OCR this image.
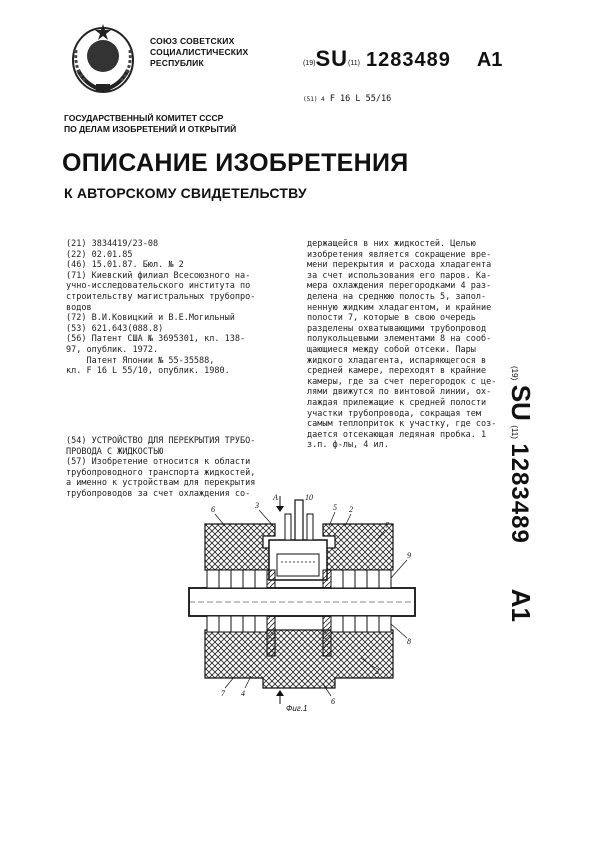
СОЮЗ СОВЕТСКИХ
СОЦИАЛИСТИЧЕСКИХ
РЕСПУБЛИК	(19)SU(11) 1283489 A1
(51) 4 F 16 L 55/16
ГОСУДАРСТВЕННЫЙ КОМИТЕТ СССР
ПО ДЕЛАМ ИЗОБРЕТЕНИЙ И ОТКРЫТИЙ
ОПИСАНИЕ ИЗОБРЕТЕНИЯ
К АВТОРСКОМУ СВИДЕТЕЛЬСТВУ
(21) 3834419/23-08
(22) 02.01.85
(46) 15.01.87. Бюл. № 2
(71) Киевский филиал Всесоюзного на-
учно-исследовательского института по
строительству магистральных трубопро-
водов
(72) В.И.Ковицкий и В.Е.Могильный
(53) 621.643(088.8)
(56) Патент США № 3695301, кл. 138-
97, опублик. 1972.
Патент Японии № 55-35588,
кл. F 16 L 55/10, опублик. 1980.
(54) УСТРОЙСТВО ДЛЯ ПЕРЕКРЫТИЯ ТРУБО-
ПРОВОДА С ЖИДКОСТЬЮ
(57) Изобретение относится к области
трубопроводного транспорта жидкостей,
а именно к устройствам для перекрытия
трубопроводов за счет охлаждения со-
держащейся в них жидкостей. Целью
изобретения является сокращение вре-
мени перекрытия и расхода хладагента
за счет использования его паров. Ка-
мера охлаждения перегородками 4 раз-
делена на среднюю полость 5, запол-
ненную жидким хладагентом, и крайние
полости 7, которые в свою очередь
разделены охватывающими трубопровод
полукольцевыми элементами 8 на сооб-
щающиеся между собой отсеки. Пары
жидкого хладагента, испаряющегося в
средней камере, переходят в крайние
камеры, где за счет перегородок с це-
лями движутся по винтовой линии, ох-
лаждая прилежащие к средней полости
участки трубопровода, сокращая тем
самым теплоприток к участку, где соз-
дается отсекающая ледяная пробка. 1
з.п. ф-лы, 4 ил.
(19) SU (11) 1283489  A1
А	10
3
6	5 2
7
9
8
3
7 4
6
Фиг.1
